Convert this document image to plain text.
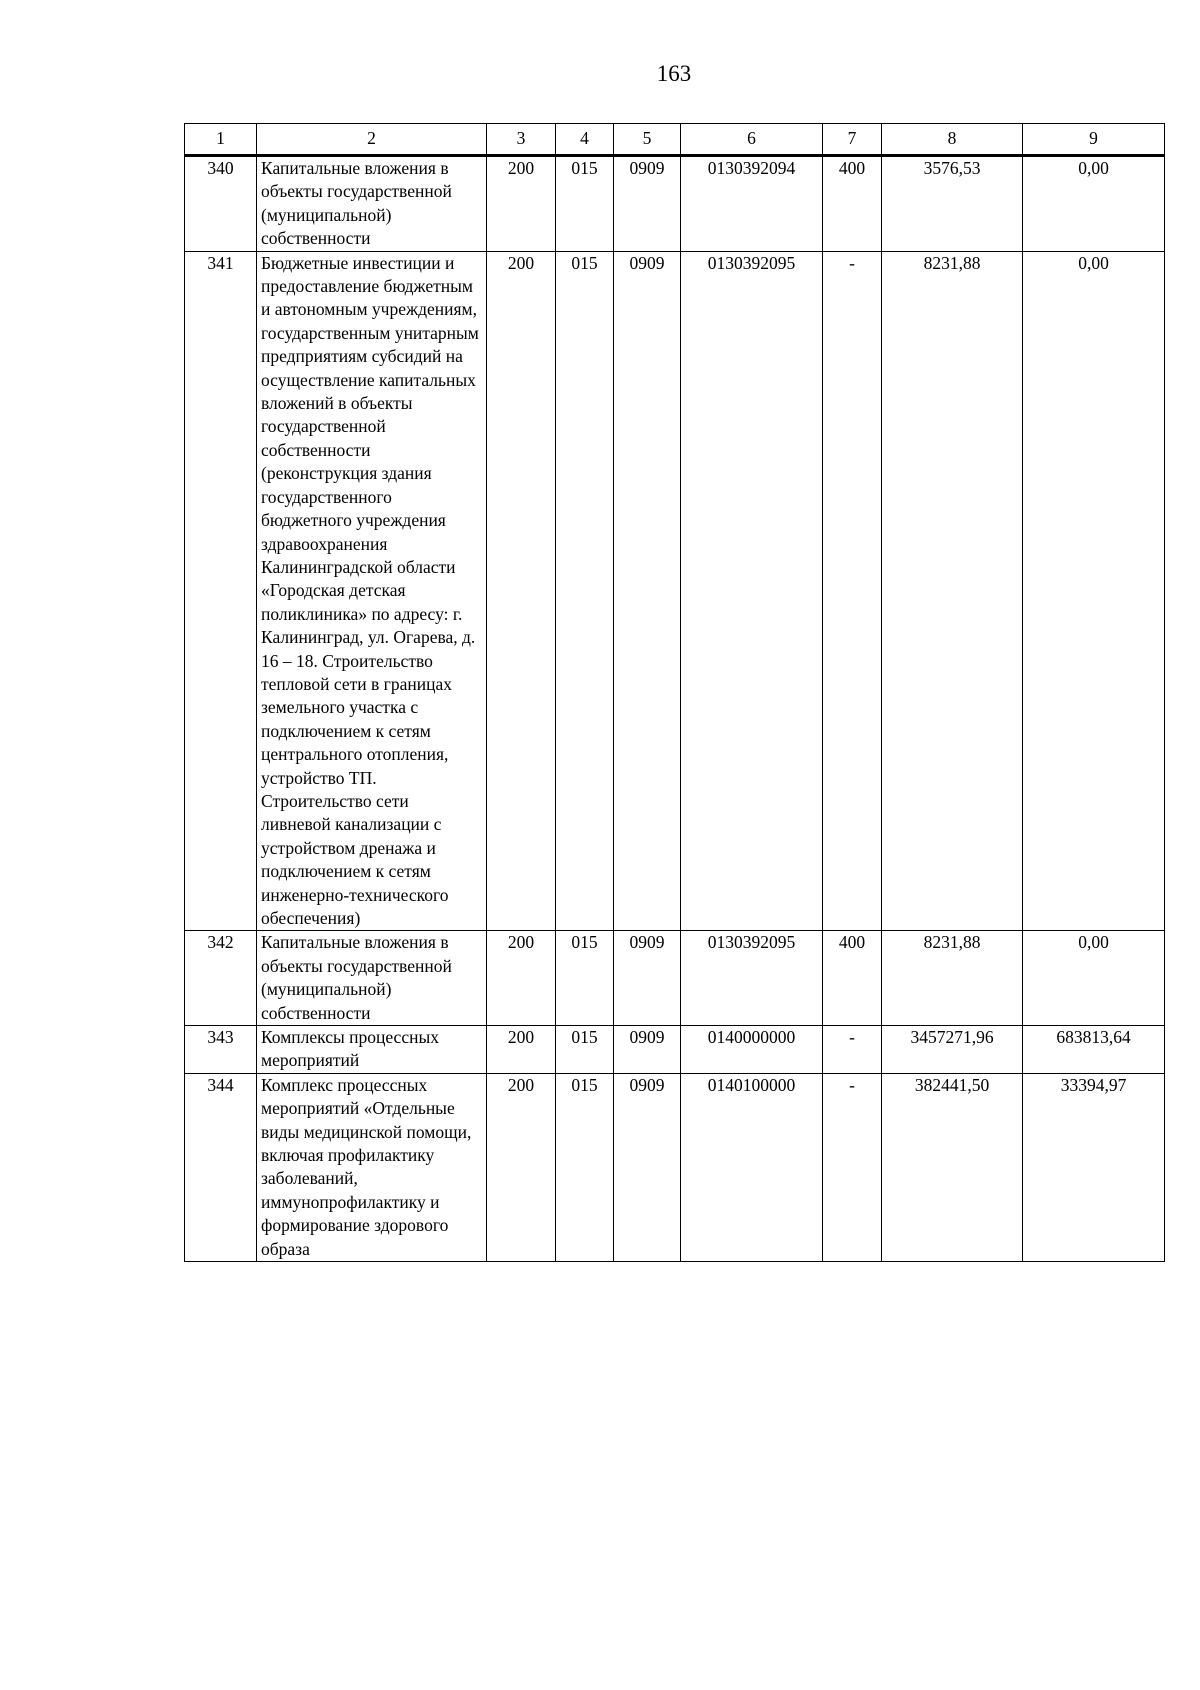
163
1	2	3	4	5	6	7	8	9
340	Капитальные вложения в объекты государственной (муниципальной) собственности	200	015	0909	0130392094	400	3576,53	0,00
341	Бюджетные инвестиции и предоставление бюджетным и автономным учреждениям, государственным унитарным предприятиям субсидий на осуществление капитальных вложений в объекты государственной собственности (реконструкция здания государственного бюджетного учреждения здравоохранения Калининградской области «Городская детская поликлиника» по адресу: г. Калининград, ул. Огарева, д. 16 – 18. Строительство тепловой сети в границах земельного участка с подключением к сетям центрального отопления, устройство ТП. Строительство сети ливневой канализации с устройством дренажа и подключением к сетям инженерно-технического обеспечения)	200	015	0909	0130392095	-	8231,88	0,00
342	Капитальные вложения в объекты государственной (муниципальной) собственности	200	015	0909	0130392095	400	8231,88	0,00
343	Комплексы процессных мероприятий	200	015	0909	0140000000	-	3457271,96	683813,64
344	Комплекс процессных мероприятий «Отдельные виды медицинской помощи, включая профилактику заболеваний, иммунопрофилактику и формирование здорового образа	200	015	0909	0140100000	-	382441,50	33394,97
